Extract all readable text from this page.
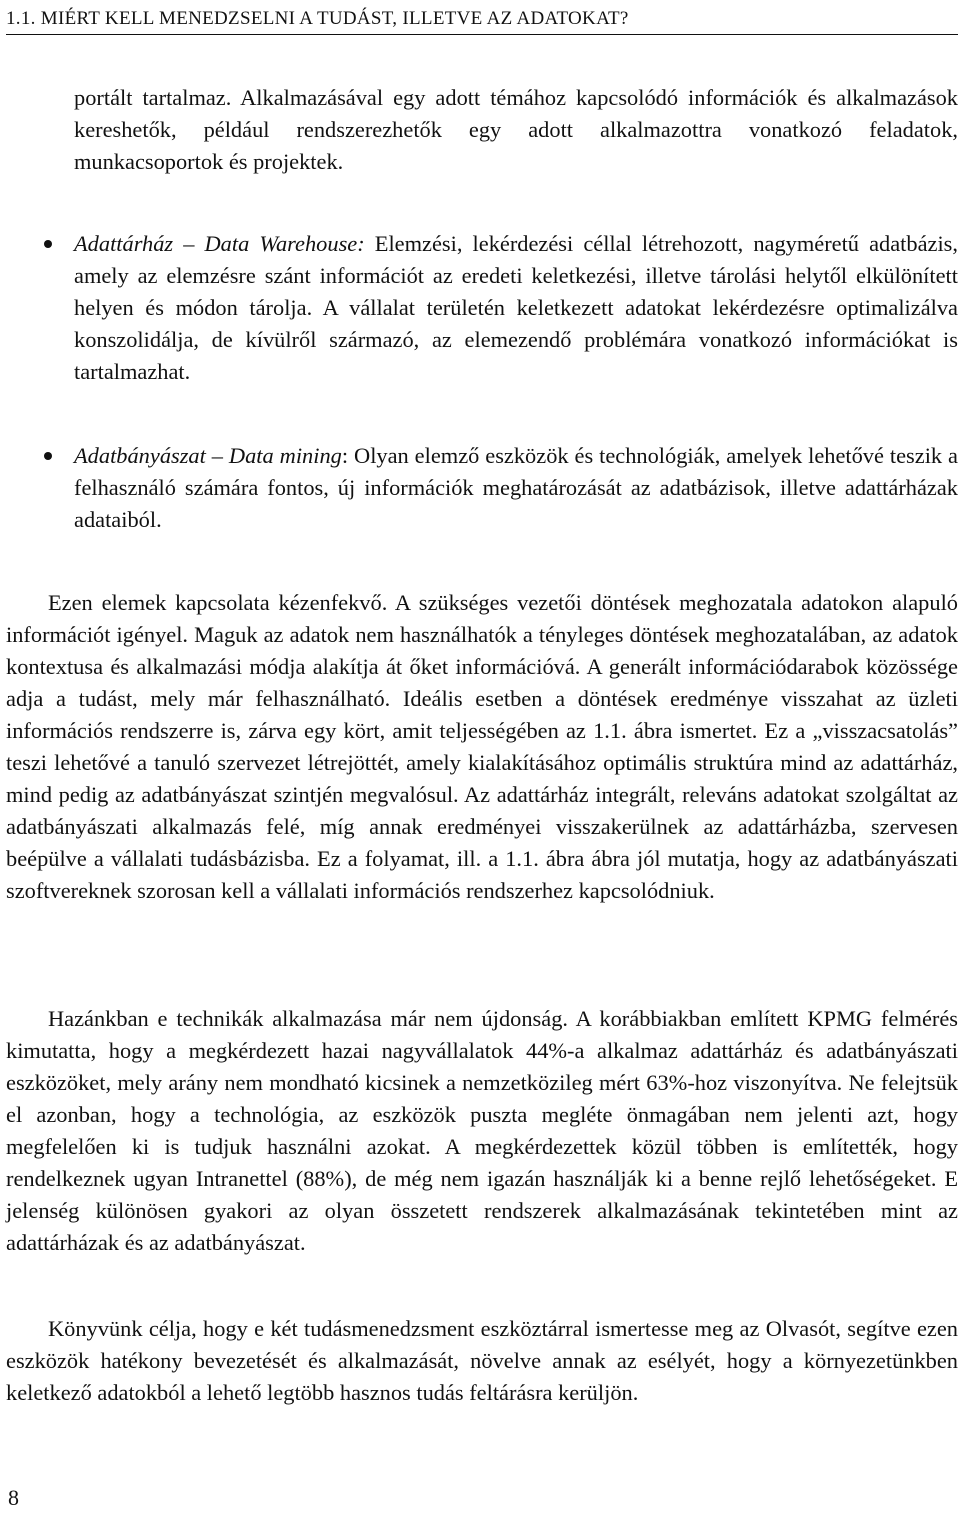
1.1. MIÉRT KELL MENEDZSELNI A TUDÁST, ILLETVE AZ ADATOKAT?

portált tartalmaz. Alkalmazásával egy adott témához kapcsolódó információk és alkalmazások kereshetők, például rendszerezhetők egy adott alkalmazottra vonatkozó feladatok, munkacsoportok és projektek.

Adattárház – Data Warehouse: Elemzési, lekérdezési céllal létrehozott, nagyméretű adatbázis, amely az elemzésre szánt információt az eredeti keletkezési, illetve tárolási helytől elkülönített helyen és módon tárolja. A vállalat területén keletkezett adatokat lekérdezésre optimalizálva konszolidálja, de kívülről származó, az elemezendő problémára vonatkozó információkat is tartalmazhat.
Adatbányászat – Data mining: Olyan elemző eszközök és technológiák, amelyek lehetővé teszik a felhasználó számára fontos, új információk meghatározását az adatbázisok, illetve adattárházak adataiból.

Ezen elemek kapcsolata kézenfekvő. A szükséges vezetői döntések meghozatala adatokon alapuló információt igényel. Maguk az adatok nem használhatók a tényleges döntések meghozatalában, az adatok kontextusa és alkalmazási módja alakítja át őket információvá. A generált információdarabok közössége adja a tudást, mely már felhasználható. Ideális esetben a döntések eredménye visszahat az üzleti információs rendszerre is, zárva egy kört, amit teljességében az 1.1. ábra ismertet. Ez a „visszacsatolás” teszi lehetővé a tanuló szervezet létrejöttét, amely kialakításához optimális struktúra mind az adattárház, mind pedig az adatbányászat szintjén megvalósul. Az adattárház integrált, releváns adatokat szolgáltat az adatbányászati alkalmazás felé, míg annak eredményei visszakerülnek az adattárházba, szervesen beépülve a vállalati tudásbázisba. Ez a folyamat, ill. a 1.1. ábra ábra jól mutatja, hogy az adatbányászati szoftvereknek szorosan kell a vállalati információs rendszerhez kapcsolódniuk.

Hazánkban e technikák alkalmazása már nem újdonság. A korábbiakban említett KPMG felmérés kimutatta, hogy a megkérdezett hazai nagyvállalatok 44%-a alkalmaz adattárház és adatbányászati eszközöket, mely arány nem mondható kicsinek a nemzetközileg mért 63%-hoz viszonyítva. Ne felejtsük el azonban, hogy a technológia, az eszközök puszta megléte önmagában nem jelenti azt, hogy megfelelően ki is tudjuk használni azokat. A megkérdezettek közül többen is említették, hogy rendelkeznek ugyan Intranettel (88%), de még nem igazán használják ki a benne rejlő lehetőségeket. E jelenség különösen gyakori az olyan összetett rendszerek alkalmazásának tekintetében mint az adattárházak és az adatbányászat.

Könyvünk célja, hogy e két tudásmenedzsment eszköztárral ismertesse meg az Olvasót, segítve ezen eszközök hatékony bevezetését és alkalmazását, növelve annak az esélyét, hogy a környezetünkben keletkező adatokból a lehető legtöbb hasznos tudás feltárásra kerüljön.

8
